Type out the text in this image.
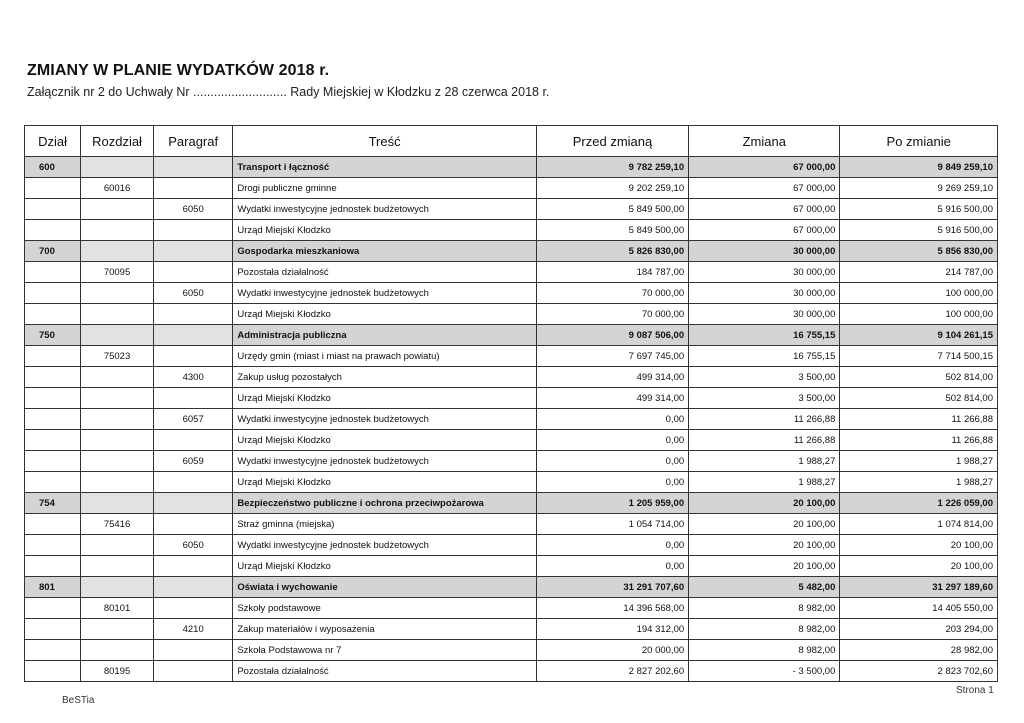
ZMIANY W PLANIE WYDATKÓW 2018 r.
Załącznik nr 2 do Uchwały Nr ........................... Rady Miejskiej w Kłodzku z 28 czerwca 2018 r.
Dział	Rozdział	Paragraf	Treść	Przed zmianą	Zmiana	Po zmianie
600			Transport i łączność	9 782 259,10	67 000,00	9 849 259,10
	60016		Drogi publiczne gminne	9 202 259,10	67 000,00	9 269 259,10
		6050	Wydatki inwestycyjne jednostek budżetowych	5 849 500,00	67 000,00	5 916 500,00
			Urząd Miejski Kłodzko	5 849 500,00	67 000,00	5 916 500,00
700			Gospodarka mieszkaniowa	5 826 830,00	30 000,00	5 856 830,00
	70095		Pozostała działalność	184 787,00	30 000,00	214 787,00
		6050	Wydatki inwestycyjne jednostek budżetowych	70 000,00	30 000,00	100 000,00
			Urząd Miejski Kłodzko	70 000,00	30 000,00	100 000,00
750			Administracja publiczna	9 087 506,00	16 755,15	9 104 261,15
	75023		Urzędy gmin (miast i miast na prawach powiatu)	7 697 745,00	16 755,15	7 714 500,15
		4300	Zakup usług pozostałych	499 314,00	3 500,00	502 814,00
			Urząd Miejski Kłodzko	499 314,00	3 500,00	502 814,00
		6057	Wydatki inwestycyjne jednostek budżetowych	0,00	11 266,88	11 266,88
			Urząd Miejski Kłodzko	0,00	11 266,88	11 266,88
		6059	Wydatki inwestycyjne jednostek budżetowych	0,00	1 988,27	1 988,27
			Urząd Miejski Kłodzko	0,00	1 988,27	1 988,27
754			Bezpieczeństwo publiczne i ochrona przeciwpożarowa	1 205 959,00	20 100,00	1 226 059,00
	75416		Straż gminna (miejska)	1 054 714,00	20 100,00	1 074 814,00
		6050	Wydatki inwestycyjne jednostek budżetowych	0,00	20 100,00	20 100,00
			Urząd Miejski Kłodzko	0,00	20 100,00	20 100,00
801			Oświata i wychowanie	31 291 707,60	5 482,00	31 297 189,60
	80101		Szkoły podstawowe	14 396 568,00	8 982,00	14 405 550,00
		4210	Zakup materiałów i wyposażenia	194 312,00	8 982,00	203 294,00
			Szkoła Podstawowa nr 7	20 000,00	8 982,00	28 982,00
	80195		Pozostała działalność	2 827 202,60	- 3 500,00	2 823 702,60
BeSTia
Strona 1
